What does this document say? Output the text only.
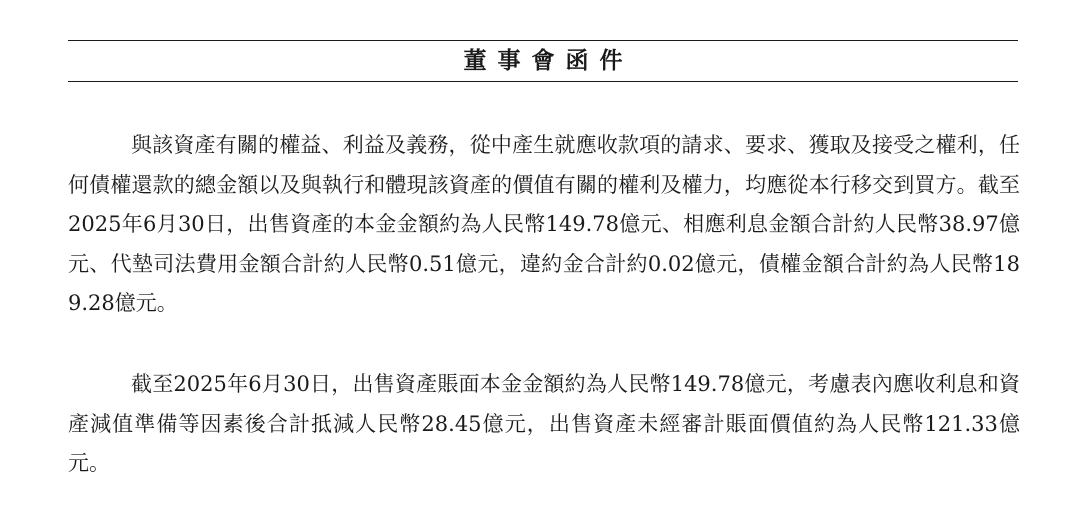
董事會函件

與該資產有關的權益、利益及義務，從中產生就應收款項的請求、要求、獲取及接受之權利，任何債權還款的總金額以及與執行和體現該資產的價值有關的權利及權力，均應從本行移交到買方。截至2025年6月30日，出售資產的本金金額約為人民幣149.78億元、相應利息金額合計約人民幣38.97億元、代墊司法費用金額合計約人民幣0.51億元，違約金合計約0.02億元，債權金額合計約為人民幣189.28億元。

截至2025年6月30日，出售資產賬面本金金額約為人民幣149.78億元，考慮表內應收利息和資產減值準備等因素後合計抵減人民幣28.45億元，出售資產未經審計賬面價值約為人民幣121.33億元。
